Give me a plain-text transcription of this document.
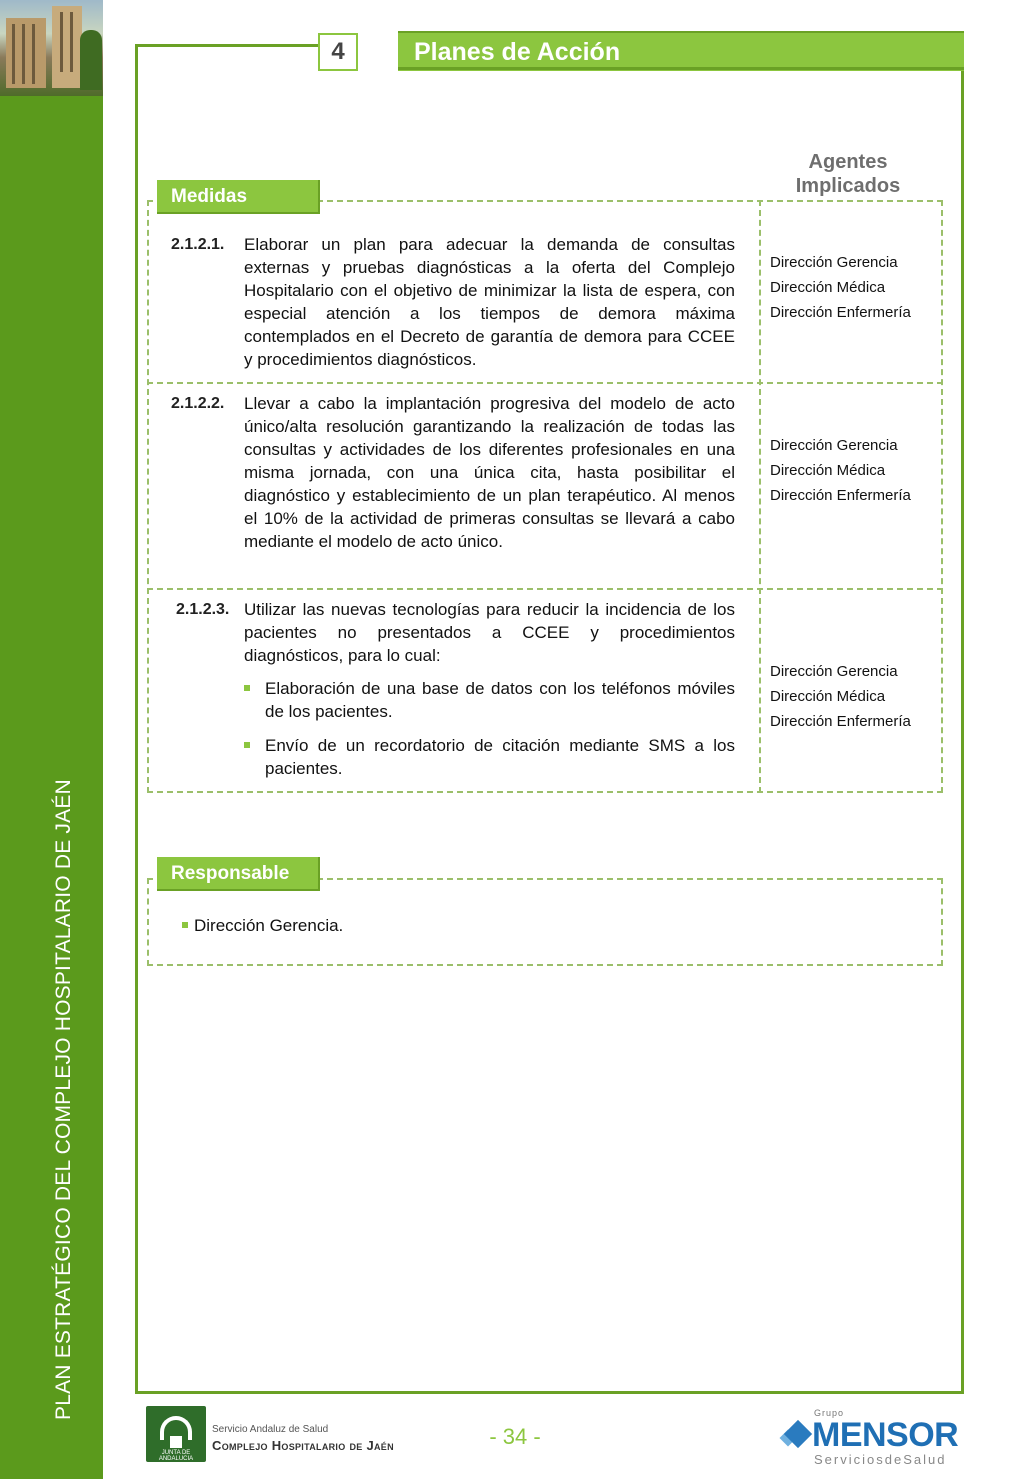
PLAN ESTRATÉGICO DEL COMPLEJO HOSPITALARIO DE JAÉN
4	Planes de Acción
Medidas
Agentes Implicados
2.1.2.1. Elaborar un plan para adecuar la demanda de consultas externas y pruebas diagnósticas a la oferta del Complejo Hospitalario con el objetivo de minimizar la lista de espera, con especial atención a los tiempos de demora máxima contemplados en el Decreto de garantía de demora para CCEE y procedimientos diagnósticos.
Dirección Gerencia
Dirección Médica
Dirección Enfermería
2.1.2.2. Llevar a cabo la implantación progresiva del modelo de acto único/alta resolución garantizando la realización de todas las consultas y actividades de los diferentes profesionales en una misma jornada, con una única cita, hasta posibilitar el diagnóstico y establecimiento de un plan terapéutico. Al menos el 10% de la actividad de primeras consultas se llevará a cabo mediante el modelo de acto único.
Dirección Gerencia
Dirección Médica
Dirección Enfermería
2.1.2.3. Utilizar las nuevas tecnologías para reducir la incidencia de los pacientes no presentados a CCEE y procedimientos diagnósticos, para lo cual:
Elaboración de una base de datos con los teléfonos móviles de los pacientes.
Envío de un recordatorio de citación mediante SMS a los pacientes.
Dirección Gerencia
Dirección Médica
Dirección Enfermería
Responsable
Dirección Gerencia.
JUNTA DE ANDALUCIA
Servicio Andaluz de Salud
Complejo Hospitalario de Jaén	- 34 -
Grupo
MENSOR
ServiciosdeSalud
